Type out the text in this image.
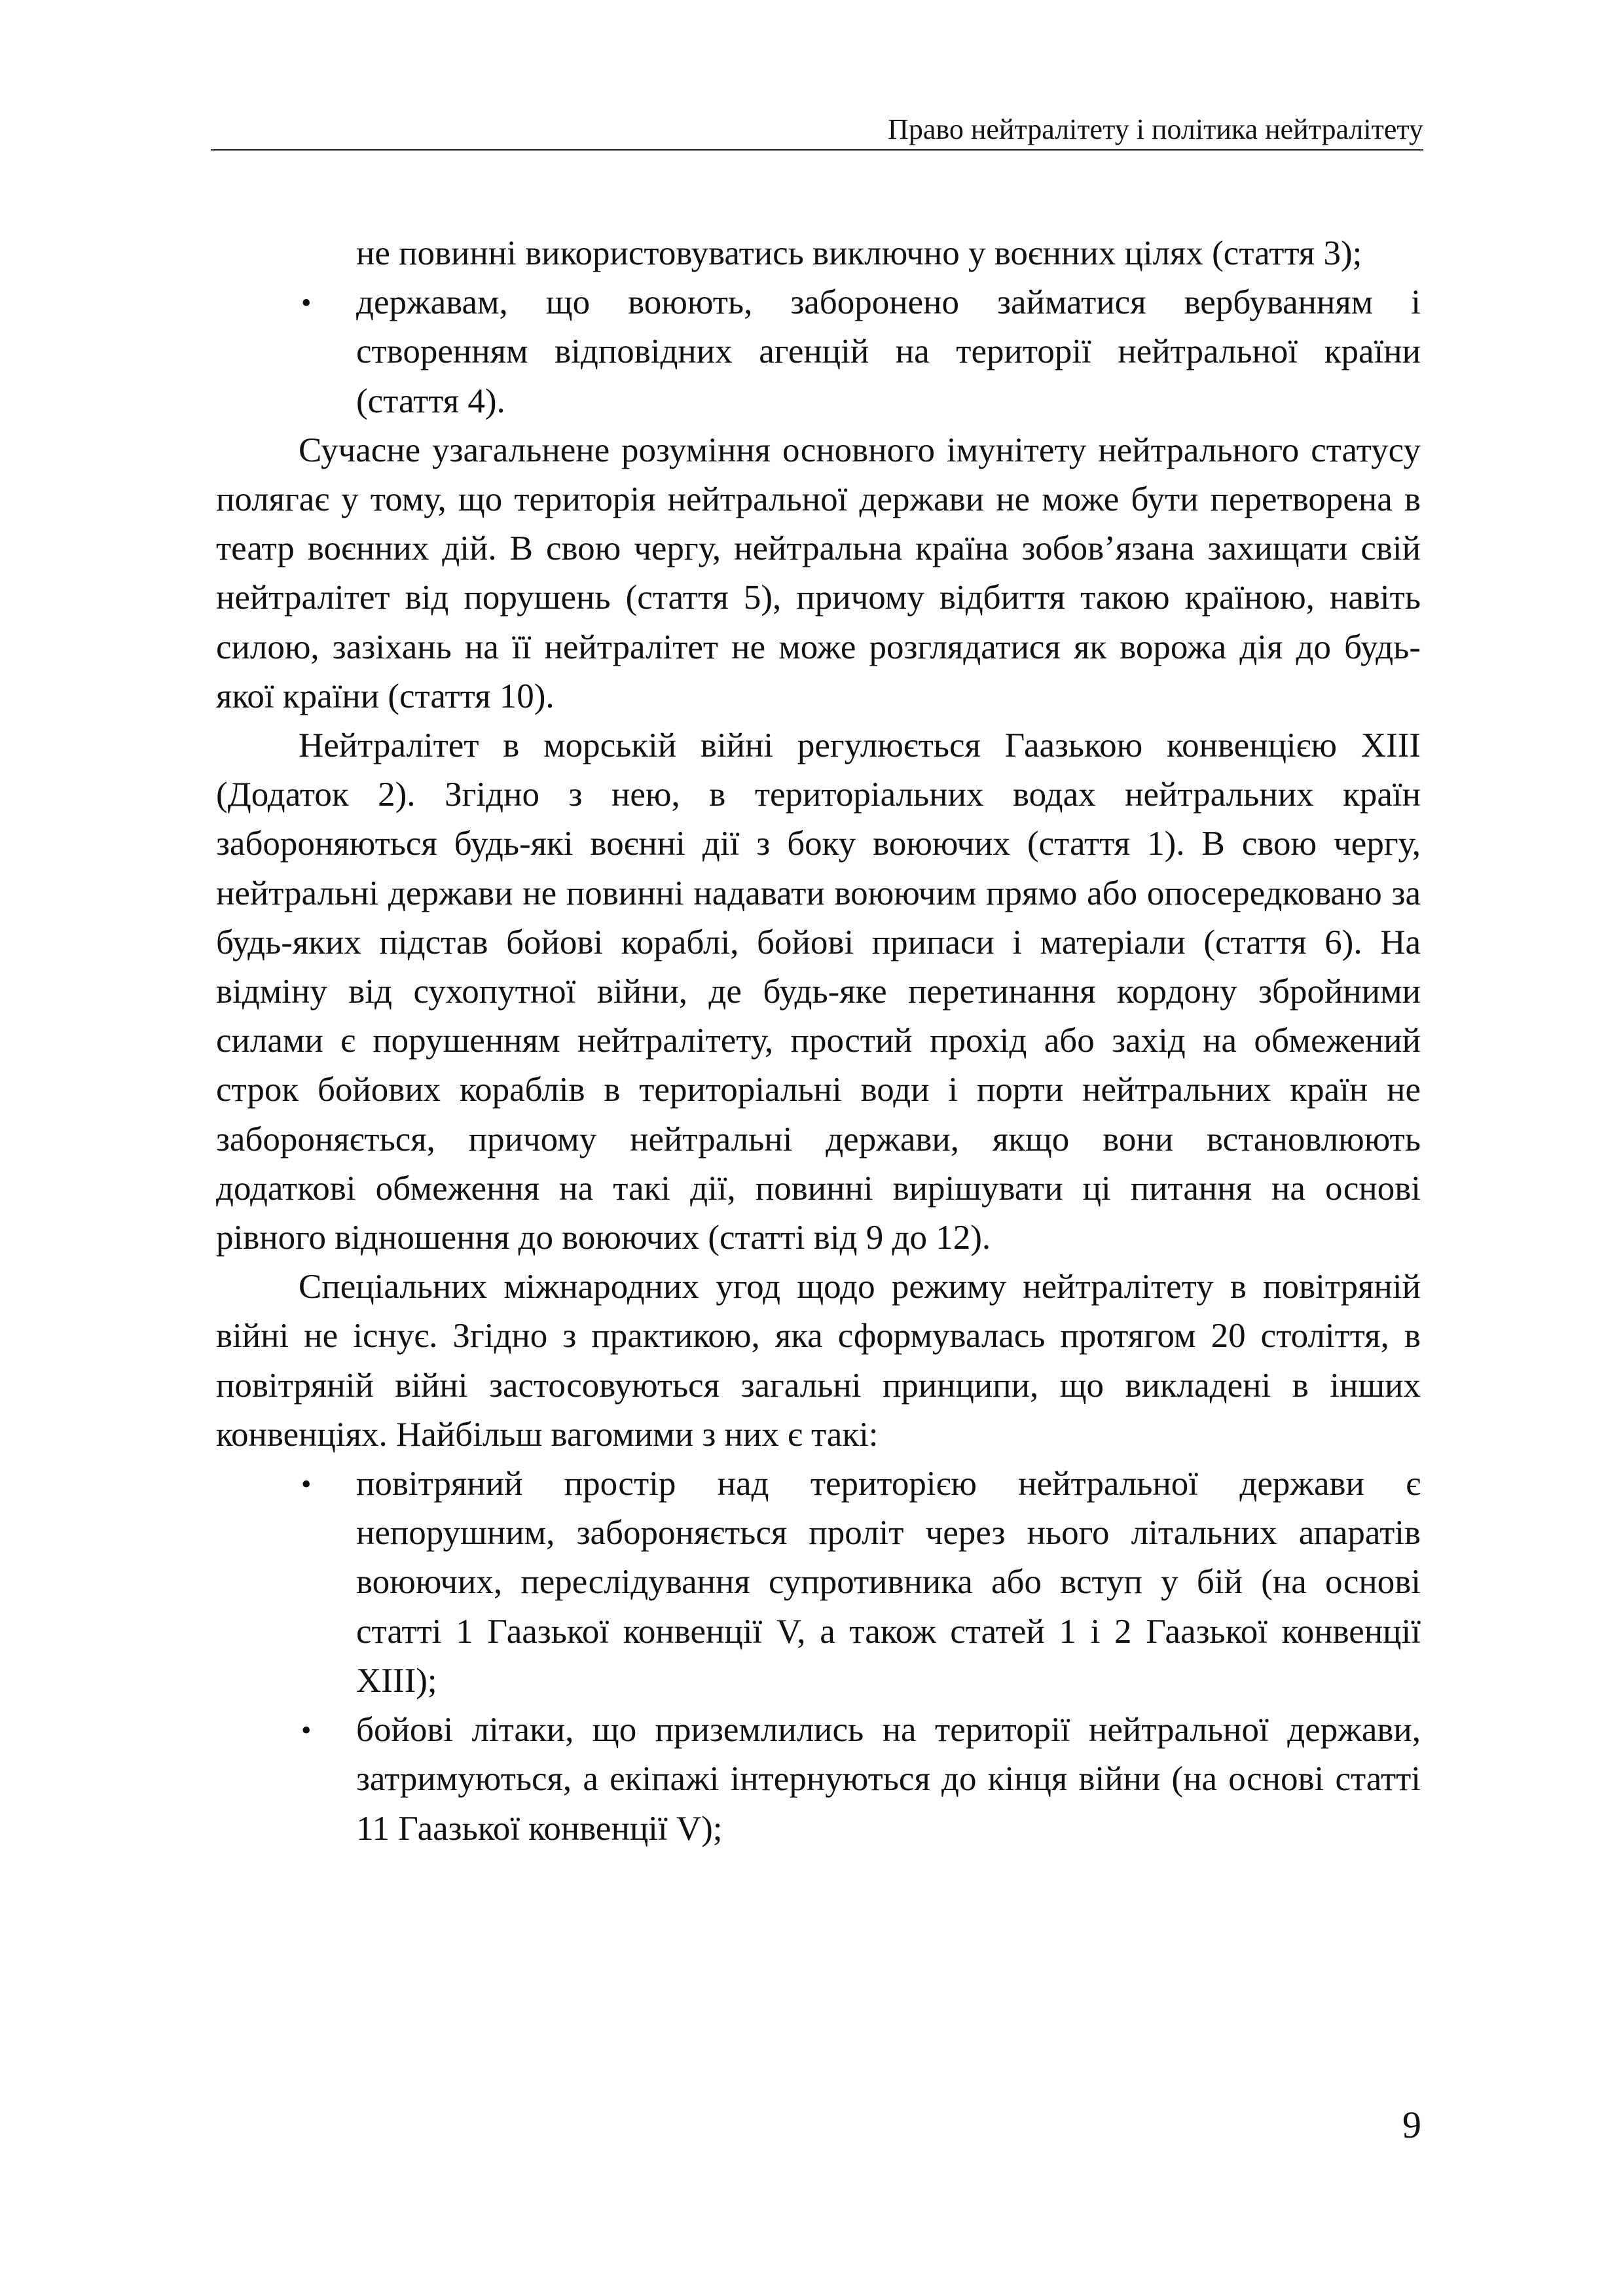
Право нейтралітету і політика нейтралітету

не повинні використовуватись виключно у воєнних цілях (стаття 3);

• державам, що воюють, заборонено займатися вербуванням і створенням відповідних агенцій на території нейтральної країни (стаття 4).

Сучасне узагальнене розуміння основного імунітету нейтрального статусу полягає у тому, що територія нейтральної держави не може бути перетворена в театр воєнних дій. В свою чергу, нейтральна країна зобов’язана захищати свій нейтралітет від порушень (стаття 5), причому відбиття такою країною, навіть силою, зазіхань на її нейтралітет не може розглядатися як ворожа дія до будь-якої країни (стаття 10).

Нейтралітет в морській війні регулюється Гаазькою конвенцією XIII (Додаток 2). Згідно з нею, в територіальних водах нейтральних країн забороняються будь-які воєнні дії з боку воюючих (стаття 1). В свою чергу, нейтральні держави не повинні надавати воюючим прямо або опосередковано за будь-яких підстав бойові кораблі, бойові припаси і матеріали (стаття 6). На відміну від сухопутної війни, де будь-яке перетинання кордону збройними силами є порушенням нейтралітету, простий прохід або захід на обмежений строк бойових кораблів в територіальні води і порти нейтральних країн не забороняється, причому нейтральні держави, якщо вони встановлюють додаткові обмеження на такі дії, повинні вирішувати ці питання на основі рівного відношення до воюючих (статті від 9 до 12).

Спеціальних міжнародних угод щодо режиму нейтралітету в повітряній війні не існує. Згідно з практикою, яка сформувалась протягом 20 століття, в повітряній війні застосовуються загальні принципи, що викладені в інших конвенціях. Найбільш вагомими з них є такі:

• повітряний простір над територією нейтральної держави є непорушним, забороняється проліт через нього літальних апаратів воюючих, переслідування супротивника або вступ у бій (на основі статті 1 Гаазької конвенції V, а також статей 1 і 2 Гаазької конвенції XIII);
• бойові літаки, що приземлились на території нейтральної держави, затримуються, а екіпажі інтернуються до кінця війни (на основі статті 11 Гаазької конвенції V);
9
